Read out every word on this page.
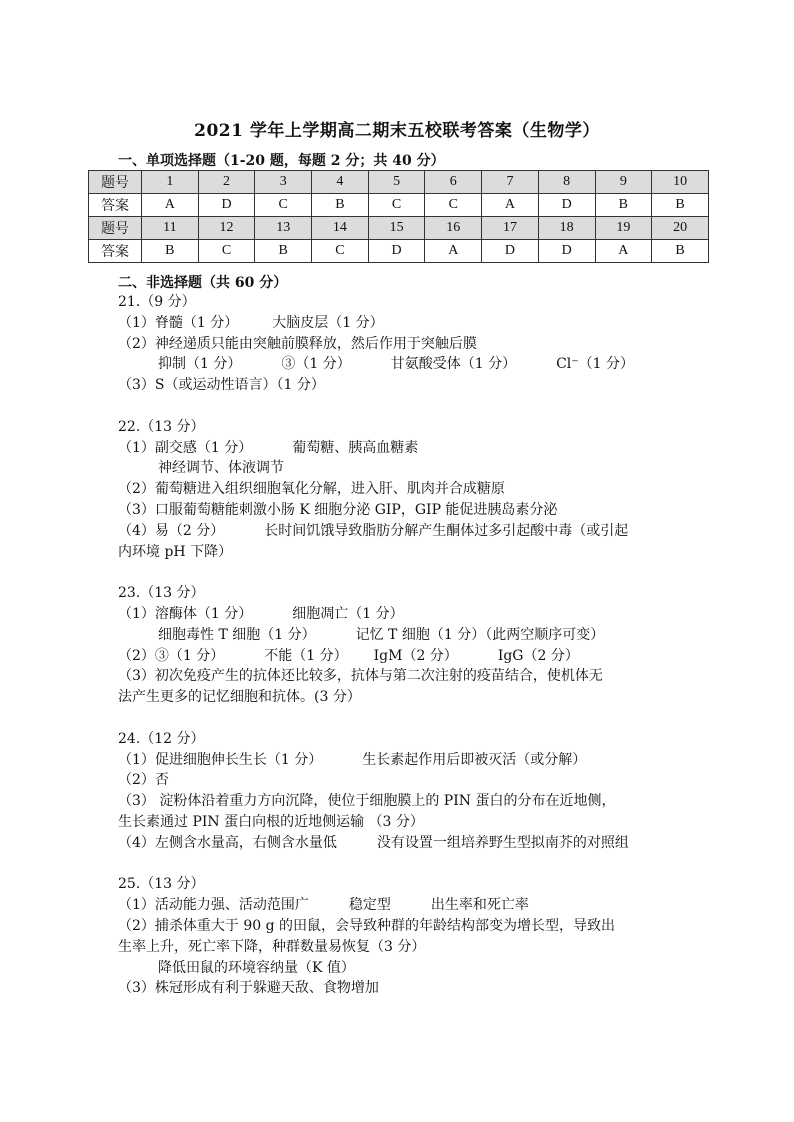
2021 学年上学期高二期末五校联考答案（生物学）
一、单项选择题（1-20 题，每题 2 分；共 40 分）
题号	1	2	3	4	5	6	7	8	9	10
答案	A	D	C	B	C	C	A	D	B	B
题号	11	12	13	14	15	16	17	18	19	20
答案	B	C	B	C	D	A	D	D	A	B
二、非选择题（共 60 分）
21.（9 分）
（1）脊髓（1 分） 大脑皮层（1 分）
（2）神经递质只能由突触前膜释放，然后作用于突触后膜
抑制（1 分）	③（1 分）	甘氨酸受体（1 分）	Cl⁻（1 分）
（3）S（或运动性语言）（1 分）
22.（13 分）
（1）副交感（1 分）	葡萄糖、胰高血糖素
神经调节、体液调节
（2）葡萄糖进入组织细胞氧化分解，进入肝、肌肉并合成糖原
（3）口服葡萄糖能刺激小肠 K 细胞分泌 GIP，GIP 能促进胰岛素分泌
（4）易（2 分）	长时间饥饿导致脂肪分解产生酮体过多引起酸中毒（或引起
内环境 pH 下降）
23.（13 分）
（1）溶酶体（1 分）	细胞凋亡（1 分）
细胞毒性 T 细胞（1 分）	记忆 T 细胞（1 分）（此两空顺序可变）
（2）③（1 分）	不能（1 分） IgM（2 分）	IgG（2 分）
（3）初次免疫产生的抗体还比较多，抗体与第二次注射的疫苗结合，使机体无
法产生更多的记忆细胞和抗体。(3 分）
24.（12 分）
（1）促进细胞伸长生长（1 分）	生长素起作用后即被灭活（或分解）
（2）否
（3） 淀粉体沿着重力方向沉降，使位于细胞膜上的 PIN 蛋白的分布在近地侧，
生长素通过 PIN 蛋白向根的近地侧运输 （3 分）
（4）左侧含水量高，右侧含水量低	没有设置一组培养野生型拟南芥的对照组
25.（13 分）
（1）活动能力强、活动范围广	稳定型	出生率和死亡率
（2）捕杀体重大于 90 g 的田鼠，会导致种群的年龄结构部变为增长型，导致出
生率上升，死亡率下降，种群数量易恢复（3 分）
降低田鼠的环境容纳量（K 值）
（3）株冠形成有利于躲避天敌、食物增加
